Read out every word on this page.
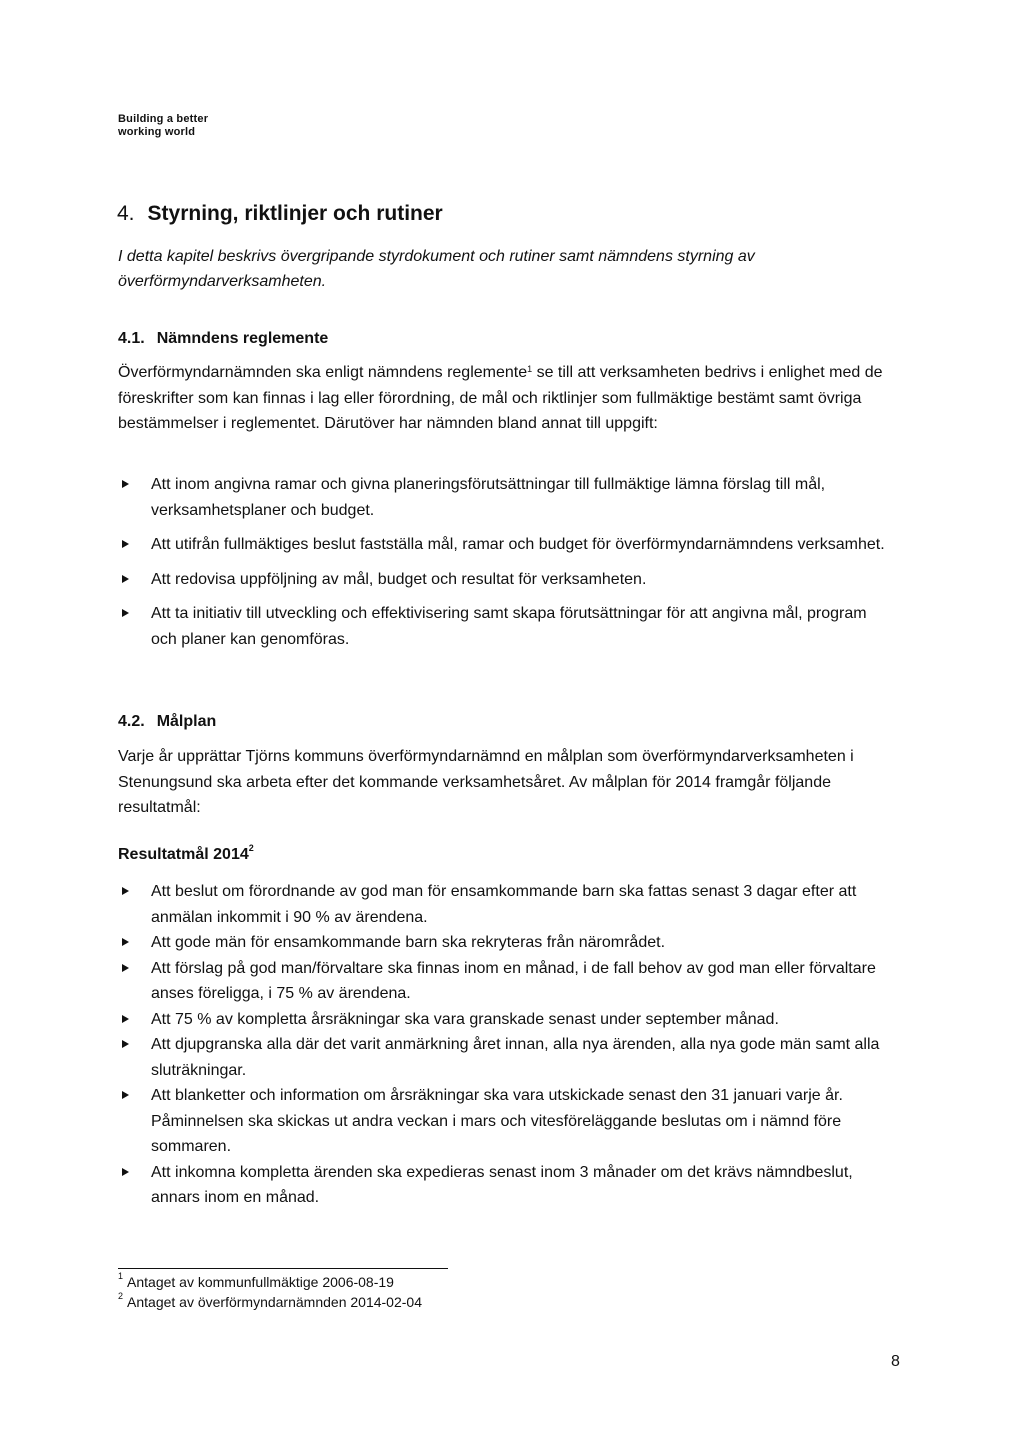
Building a better
working world
4. Styrning, riktlinjer och rutiner
I detta kapitel beskrivs övergripande styrdokument och rutiner samt nämndens styrning av överförmyndarverksamheten.
4.1. Nämndens reglemente

Överförmyndarnämnden ska enligt nämndens reglemente$^1$ se till att verksamheten bedrivs i enlighet med de föreskrifter som kan finnas i lag eller förordning, de mål och riktlinjer som fullmäktige bestämt samt övriga bestämmelser i reglementet. Därutöver har nämnden bland annat till uppgift:

Att inom angivna ramar och givna planeringsförutsättningar till fullmäktige lämna förslag till mål, verksamhetsplaner och budget.
Att utifrån fullmäktiges beslut fastställa mål, ramar och budget för överförmyndarnämndens verksamhet.
Att redovisa uppföljning av mål, budget och resultat för verksamheten.
Att ta initiativ till utveckling och effektivisering samt skapa förutsättningar för att angivna mål, program och planer kan genomföras.
4.2. Målplan
Varje år upprättar Tjörns kommuns överförmyndarnämnd en målplan som överförmyndarverksamheten i Stenungsund ska arbeta efter det kommande verksamhetsåret. Av målplan för 2014 framgår följande resultatmål:
Resultatmål 2014$^2$
Att beslut om förordnande av god man för ensamkommande barn ska fattas senast 3 dagar efter att anmälan inkommit i 90 % av ärendena.
Att gode män för ensamkommande barn ska rekryteras från närområdet.
Att förslag på god man/förvaltare ska finnas inom en månad, i de fall behov av god man eller förvaltare anses föreligga, i 75 % av ärendena.
Att 75 % av kompletta årsräkningar ska vara granskade senast under september månad.
Att djupgranska alla där det varit anmärkning året innan, alla nya ärenden, alla nya gode män samt alla sluträkningar.
Att blanketter och information om årsräkningar ska vara utskickade senast den 31 januari varje år. Påminnelsen ska skickas ut andra veckan i mars och vitesföreläggande beslutas om i nämnd före sommaren.
Att inkomna kompletta ärenden ska expedieras senast inom 3 månader om det krävs nämndbeslut, annars inom en månad.
$^1$ Antaget av kommunfullmäktige 2006-08-19
$^2$ Antaget av överförmyndarnämnden 2014-02-04
8
